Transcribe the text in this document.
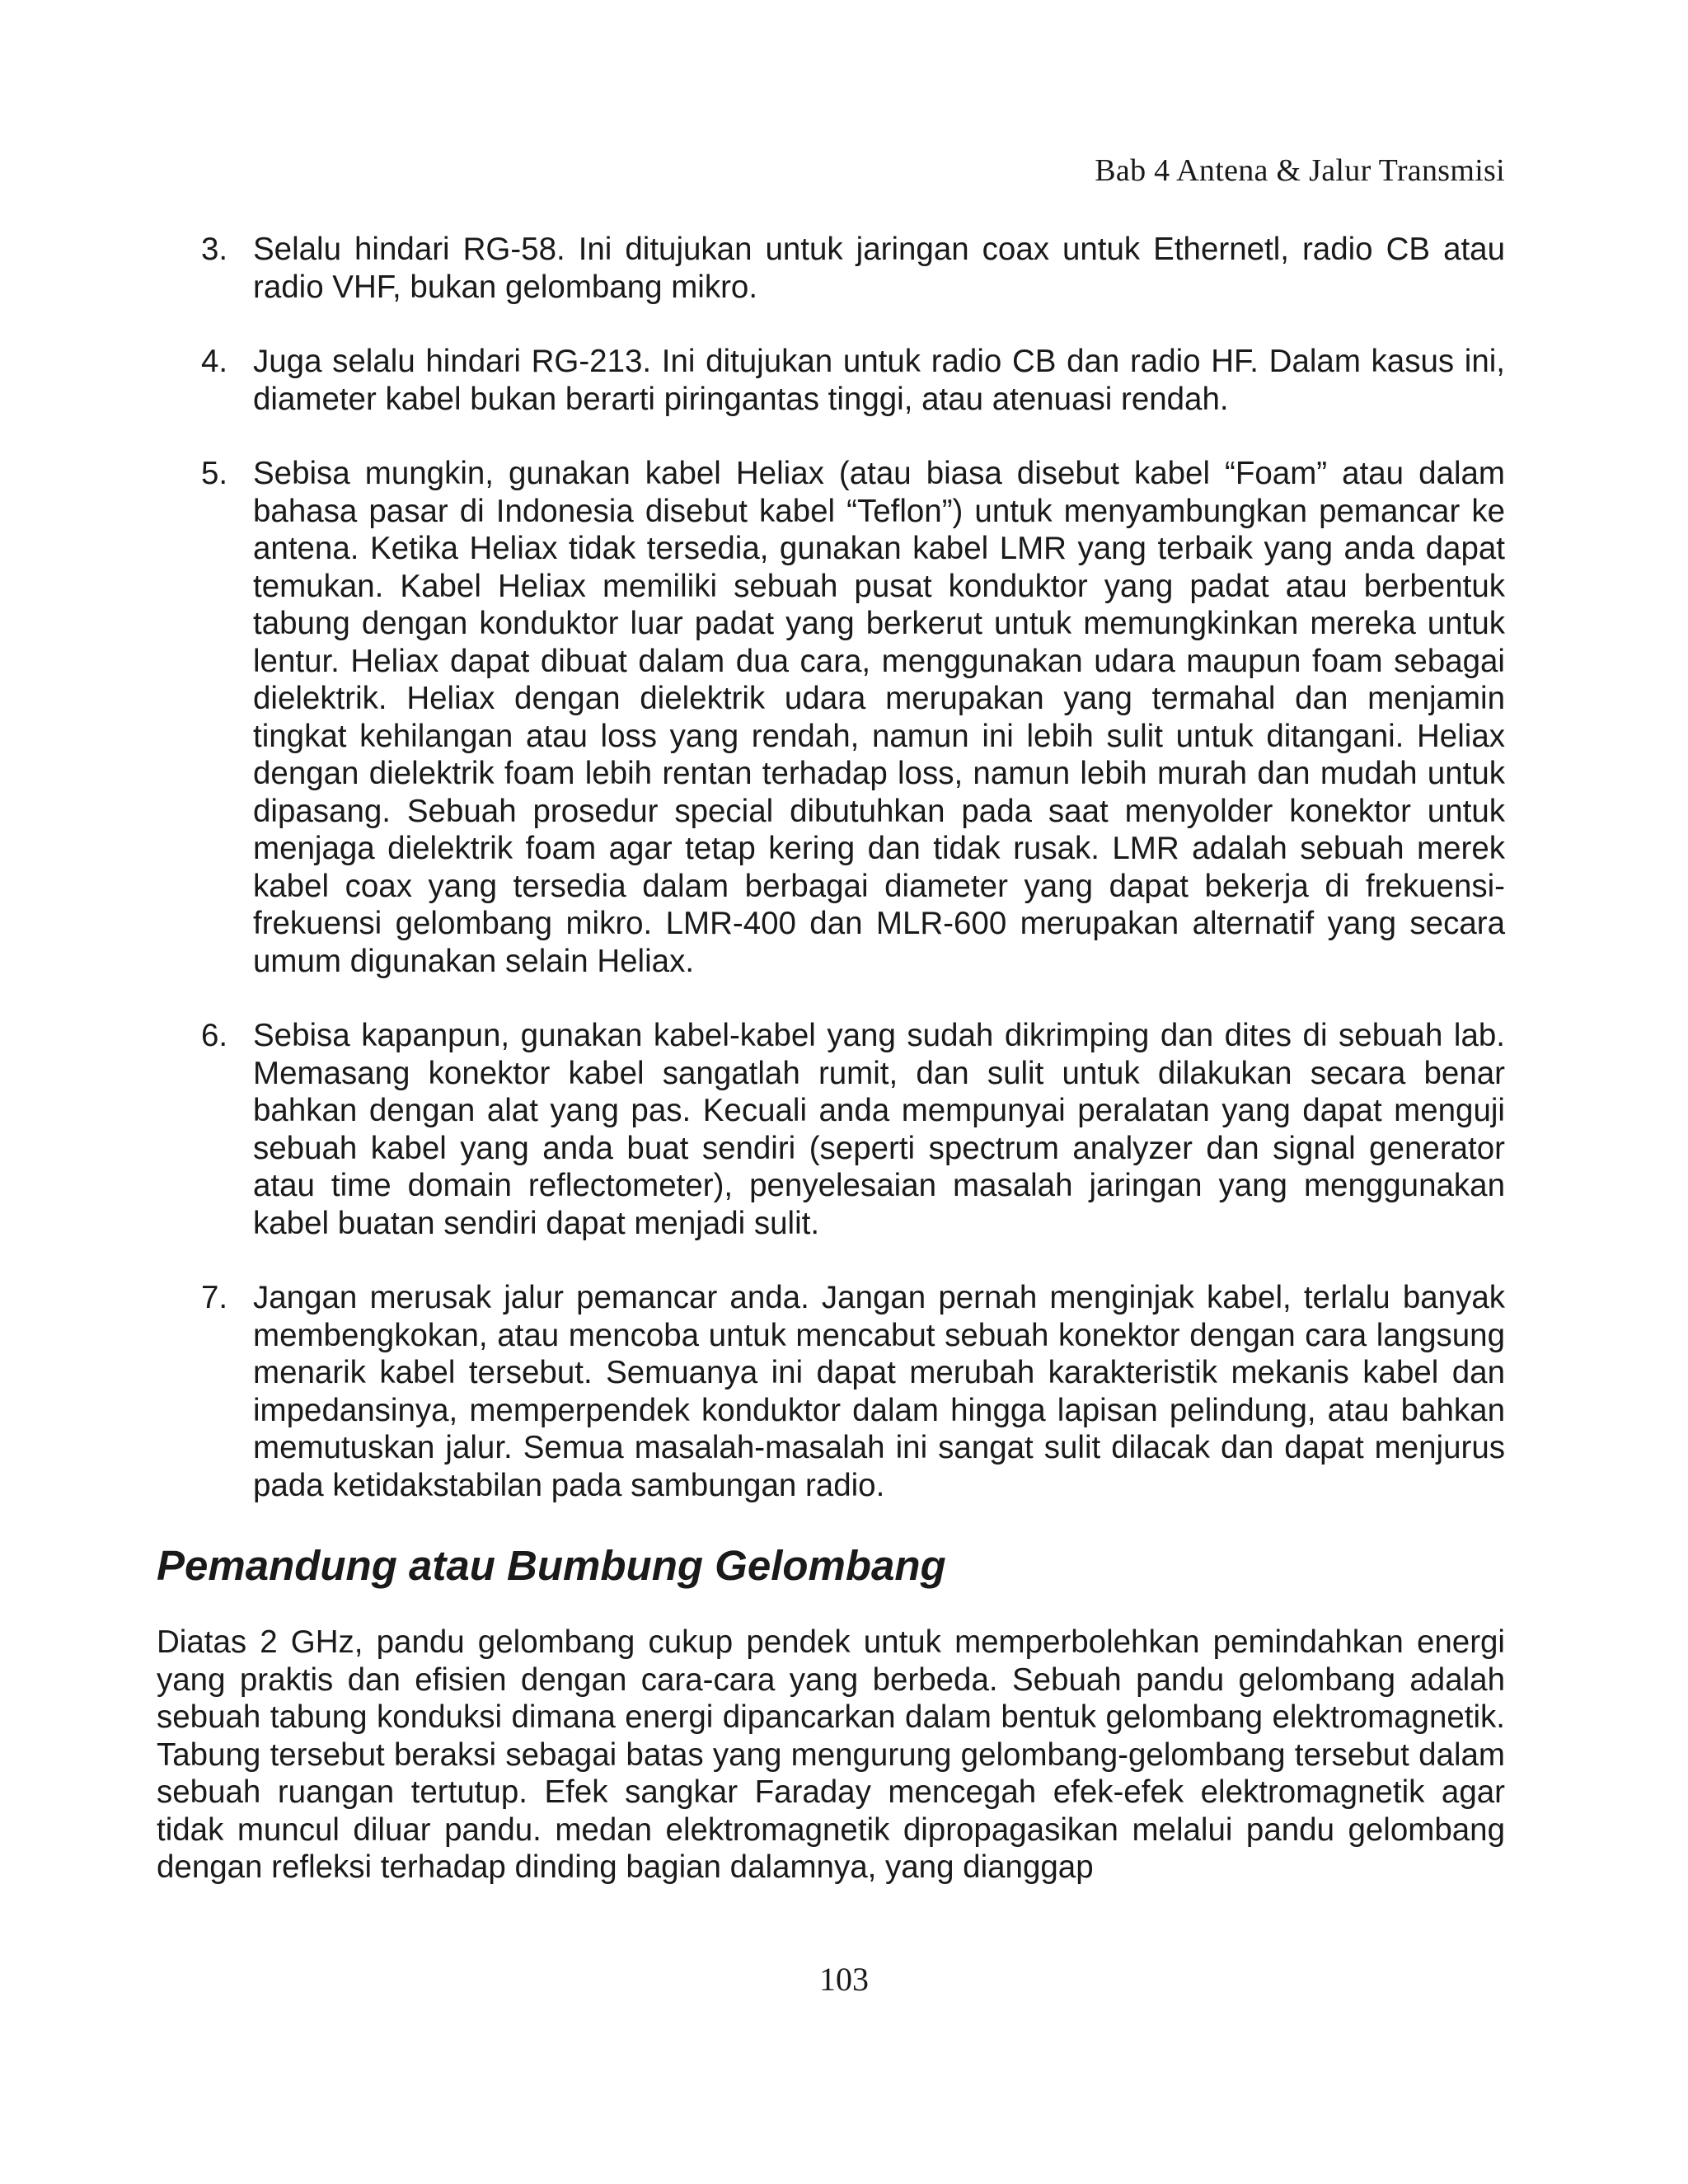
Bab 4 Antena & Jalur Transmisi
3. Selalu hindari RG-58. Ini ditujukan untuk jaringan coax untuk Ethernetl, radio CB atau radio VHF, bukan gelombang mikro.
4. Juga selalu hindari RG-213. Ini ditujukan untuk radio CB dan radio HF. Dalam kasus ini, diameter kabel bukan berarti piringantas tinggi, atau atenuasi rendah.
5. Sebisa mungkin, gunakan kabel Heliax (atau biasa disebut kabel “Foam” atau dalam bahasa pasar di Indonesia disebut kabel “Teflon”) untuk menyambungkan pemancar ke antena. Ketika Heliax tidak tersedia, gunakan kabel LMR yang terbaik yang anda dapat temukan. Kabel Heliax memiliki sebuah pusat konduktor yang padat atau berbentuk tabung dengan konduktor luar padat yang berkerut untuk memungkinkan mereka untuk lentur. Heliax dapat dibuat dalam dua cara, menggunakan udara maupun foam sebagai dielektrik. Heliax dengan dielektrik udara merupakan yang termahal dan menjamin tingkat kehilangan atau loss yang rendah, namun ini lebih sulit untuk ditangani. Heliax dengan dielektrik foam lebih rentan terhadap loss, namun lebih murah dan mudah untuk dipasang. Sebuah prosedur special dibutuhkan pada saat menyolder konektor untuk menjaga dielektrik foam agar tetap kering dan tidak rusak. LMR adalah sebuah merek kabel coax yang tersedia dalam berbagai diameter yang dapat bekerja di frekuensi-frekuensi gelombang mikro. LMR-400 dan MLR-600 merupakan alternatif yang secara umum digunakan selain Heliax.
6. Sebisa kapanpun, gunakan kabel-kabel yang sudah dikrimping dan dites di sebuah lab. Memasang konektor kabel sangatlah rumit, dan sulit untuk dilakukan secara benar bahkan dengan alat yang pas. Kecuali anda mempunyai peralatan yang dapat menguji sebuah kabel yang anda buat sendiri (seperti spectrum analyzer dan signal generator atau time domain reflectometer), penyelesaian masalah jaringan yang menggunakan kabel buatan sendiri dapat menjadi sulit.
7. Jangan merusak jalur pemancar anda. Jangan pernah menginjak kabel, terlalu banyak membengkokan, atau mencoba untuk mencabut sebuah konektor dengan cara langsung menarik kabel tersebut. Semuanya ini dapat merubah karakteristik mekanis kabel dan impedansinya, memperpendek konduktor dalam hingga lapisan pelindung, atau bahkan memutuskan jalur. Semua masalah-masalah ini sangat sulit dilacak dan dapat menjurus pada ketidakstabilan pada sambungan radio.
Pemandung atau Bumbung Gelombang

Diatas 2 GHz, pandu gelombang cukup pendek untuk memperbolehkan pemindahkan energi yang praktis dan efisien dengan cara-cara yang berbeda. Sebuah pandu gelombang adalah sebuah tabung konduksi dimana energi dipancarkan dalam bentuk gelombang elektromagnetik. Tabung tersebut beraksi sebagai batas yang mengurung gelombang-gelombang tersebut dalam sebuah ruangan tertutup. Efek sangkar Faraday mencegah efek-efek elektromagnetik agar tidak muncul diluar pandu. medan elektromagnetik dipropagasikan melalui pandu gelombang dengan refleksi terhadap dinding bagian dalamnya, yang dianggap

103
